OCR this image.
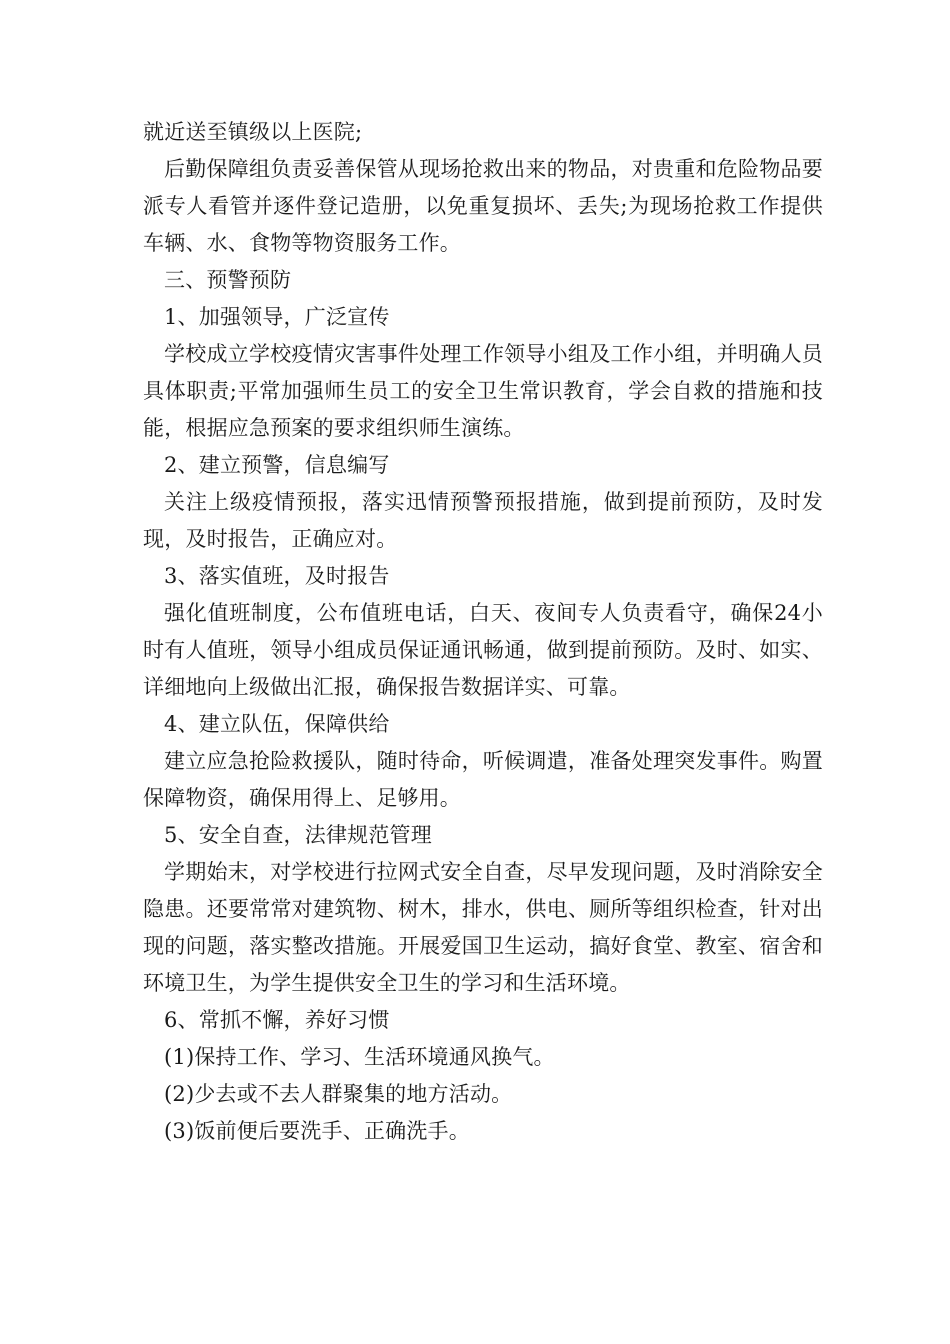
就近送至镇级以上医院;

后勤保障组负责妥善保管从现场抢救出来的物品，对贵重和危险物品要派专人看管并逐件登记造册，以免重复损坏、丢失;为现场抢救工作提供车辆、水、食物等物资服务工作。

三、预警预防

1、加强领导，广泛宣传

学校成立学校疫情灾害事件处理工作领导小组及工作小组，并明确人员具体职责;平常加强师生员工的安全卫生常识教育，学会自救的措施和技能，根据应急预案的要求组织师生演练。

2、建立预警，信息编写

关注上级疫情预报，落实迅情预警预报措施，做到提前预防，及时发现，及时报告，正确应对。

3、落实值班，及时报告

强化值班制度，公布值班电话，白天、夜间专人负责看守，确保24小时有人值班，领导小组成员保证通讯畅通，做到提前预防。及时、如实、详细地向上级做出汇报，确保报告数据详实、可靠。

4、建立队伍，保障供给

建立应急抢险救援队，随时待命，听候调遣，准备处理突发事件。购置保障物资，确保用得上、足够用。

5、安全自查，法律规范管理

学期始末，对学校进行拉网式安全自查，尽早发现问题，及时消除安全隐患。还要常常对建筑物、树木，排水，供电、厕所等组织检查，针对出现的问题，落实整改措施。开展爱国卫生运动，搞好食堂、教室、宿舍和环境卫生，为学生提供安全卫生的学习和生活环境。

6、常抓不懈，养好习惯

(1)保持工作、学习、生活环境通风换气。

(2)少去或不去人群聚集的地方活动。

(3)饭前便后要洗手、正确洗手。
